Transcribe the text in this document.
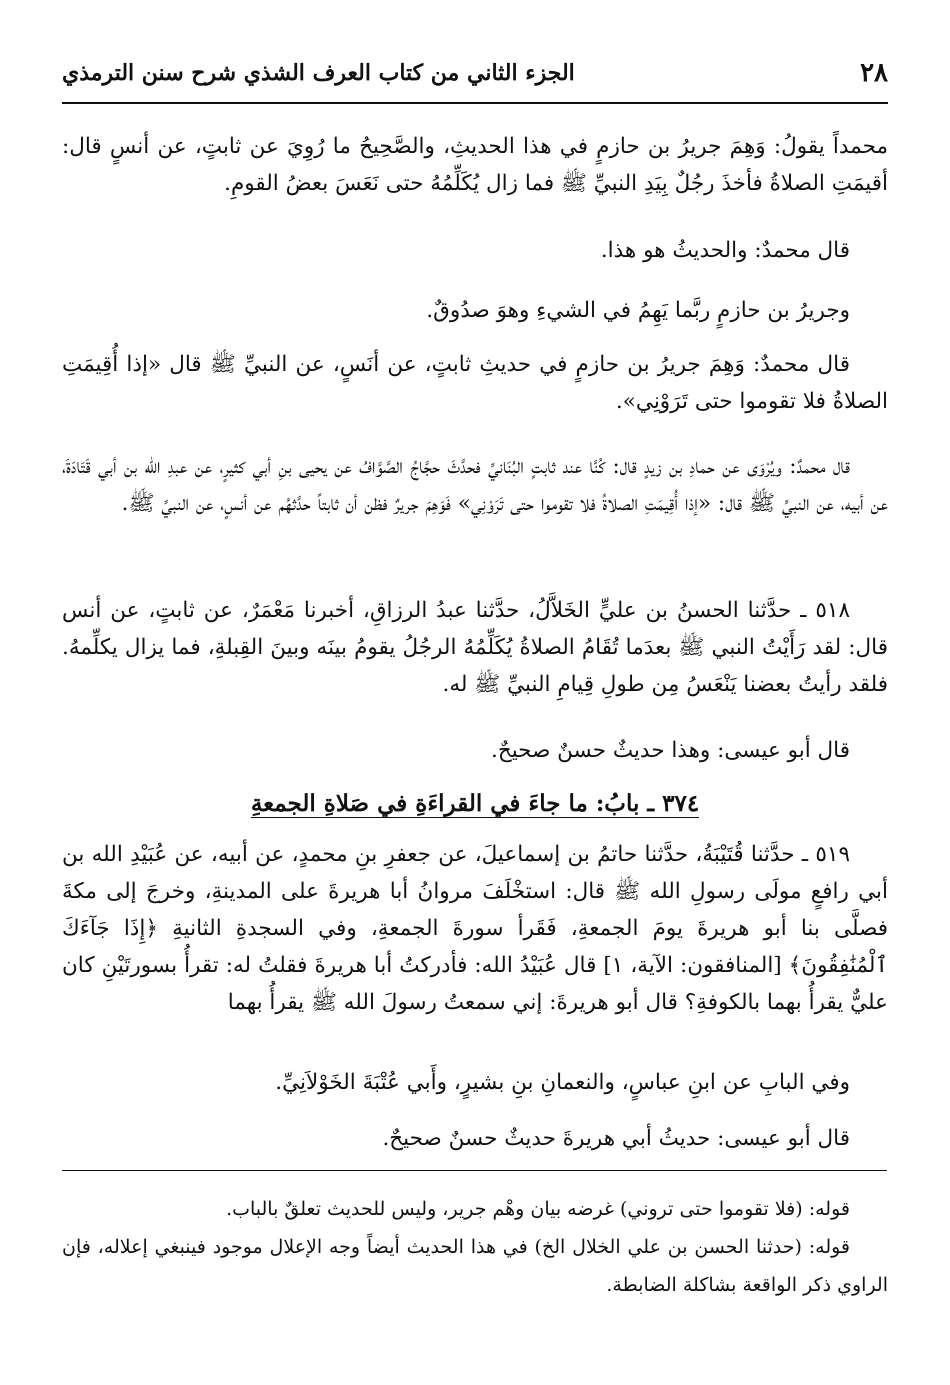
٢٨
الجزء الثاني من كتاب العرف الشذي شرح سنن الترمذي

محمداً يقولُ: وَهِمَ جريرُ بن حازمٍ في هذا الحديثِ، والصَّحِيحُ ما رُوِيَ عن ثابتٍ، عن أنسٍ قال: أقيمَتِ الصلاةُ فأخذَ رجُلٌ بِيَدِ النبيِّ ﷺ فما زال يُكَلِّمُهُ حتى نَعَسَ بعضُ القومِ.

قال محمدٌ: والحديثُ هو هذا.

وجريرُ بن حازمٍ ربَّما يَهِمُ في الشيءِ وهوَ صدُوقٌ.

قال محمدٌ: وَهِمَ جريرُ بن حازمٍ في حديثِ ثابتٍ، عن أنَسٍ، عن النبيِّ ﷺ قال «إذا أُقِيمَتِ الصلاةُ فلا تقوموا حتى تَرَوْنِي».

قال محمدٌ: ويُرْوَى عن حمادِ بن زيدٍ قال: كُنَّا عند ثابتٍ البُنَانيِّ فحدَّثَ حجَّاجُ الصَّوَّافُ عن يحيى بنِ أبي كثيرٍ، عن عبدِ الله بن أبي قَتَادَةَ، عن أبيه، عن النبيِّ ﷺ قال: «إذا أُقِيمَتِ الصلاةُ فلا تقوموا حتى تَرَوْنِي» فَوَهِمَ جريرٌ فظن أن ثابتاً حدَّثهُم عن أنسٍ، عن النبيِّ ﷺ.

٥١٨ ـ حدَّثنا الحسنُ بن عليٍّ الخَلاَّلُ، حدَّثنا عبدُ الرزاقِ، أخبرنا مَعْمَرٌ، عن ثابتٍ، عن أنس قال: لقد رَأَيْتُ النبي ﷺ بعدَما تُقَامُ الصلاةُ يُكَلِّمُهُ الرجُلُ يقومُ بينَه وبينَ القِبلةِ، فما يزال يكلِّمهُ. فلقد رأيتُ بعضنا يَنْعَسُ مِن طولِ قِيامِ النبيِّ ﷺ له.

قال أبو عيسى: وهذا حديثٌ حسنٌ صحيحٌ.

٣٧٤ ـ بابُ: ما جاءَ في القراءَةِ في صَلاةِ الجمعةِ

٥١٩ ـ حدَّثنا قُتَيْبَةُ، حدَّثنا حاتمُ بن إسماعيلَ، عن جعفرِ بنِ محمدٍ، عن أبيه، عن عُبَيْدِ الله بن أبي رافعٍ مولَى رسولِ الله ﷺ قال: استخْلَفَ مروانُ أبا هريرةَ على المدينةِ، وخرجَ إلى مكةَ فصلَّى بنا أبو هريرةَ يومَ الجمعةِ، فَقَرأ سورةَ الجمعةِ، وفي السجدةِ الثانيةِ ﴿إِذَا جَآءَكَ ٱلْمُنَٰفِقُونَ﴾ [المنافقون: الآية، ١] قال عُبَيْدُ الله: فأدركتُ أبا هريرةَ فقلتُ له: تقرأُ بسورتَيْنِ كان عليٌّ يقرأُ بهما بالكوفةِ؟ قال أبو هريرةَ: إني سمعتُ رسولَ الله ﷺ يقرأُ بهما

وفي البابِ عن ابنِ عباسٍ، والنعمانِ بنِ بشيرٍ، وأَبي عُتْبَةَ الخَوْلاَنِيِّ.

قال أبو عيسى: حديثُ أبي هريرةَ حديثٌ حسنٌ صحيحٌ.

قوله: (فلا تقوموا حتى تروني) غرضه بيان وهْم جرير، وليس للحديث تعلقٌ بالباب.

قوله: (حدثنا الحسن بن علي الخلال الخ) في هذا الحديث أيضاً وجه الإعلال موجود فينبغي إعلاله، فإن الراوي ذكر الواقعة بشاكلة الضابطة.
